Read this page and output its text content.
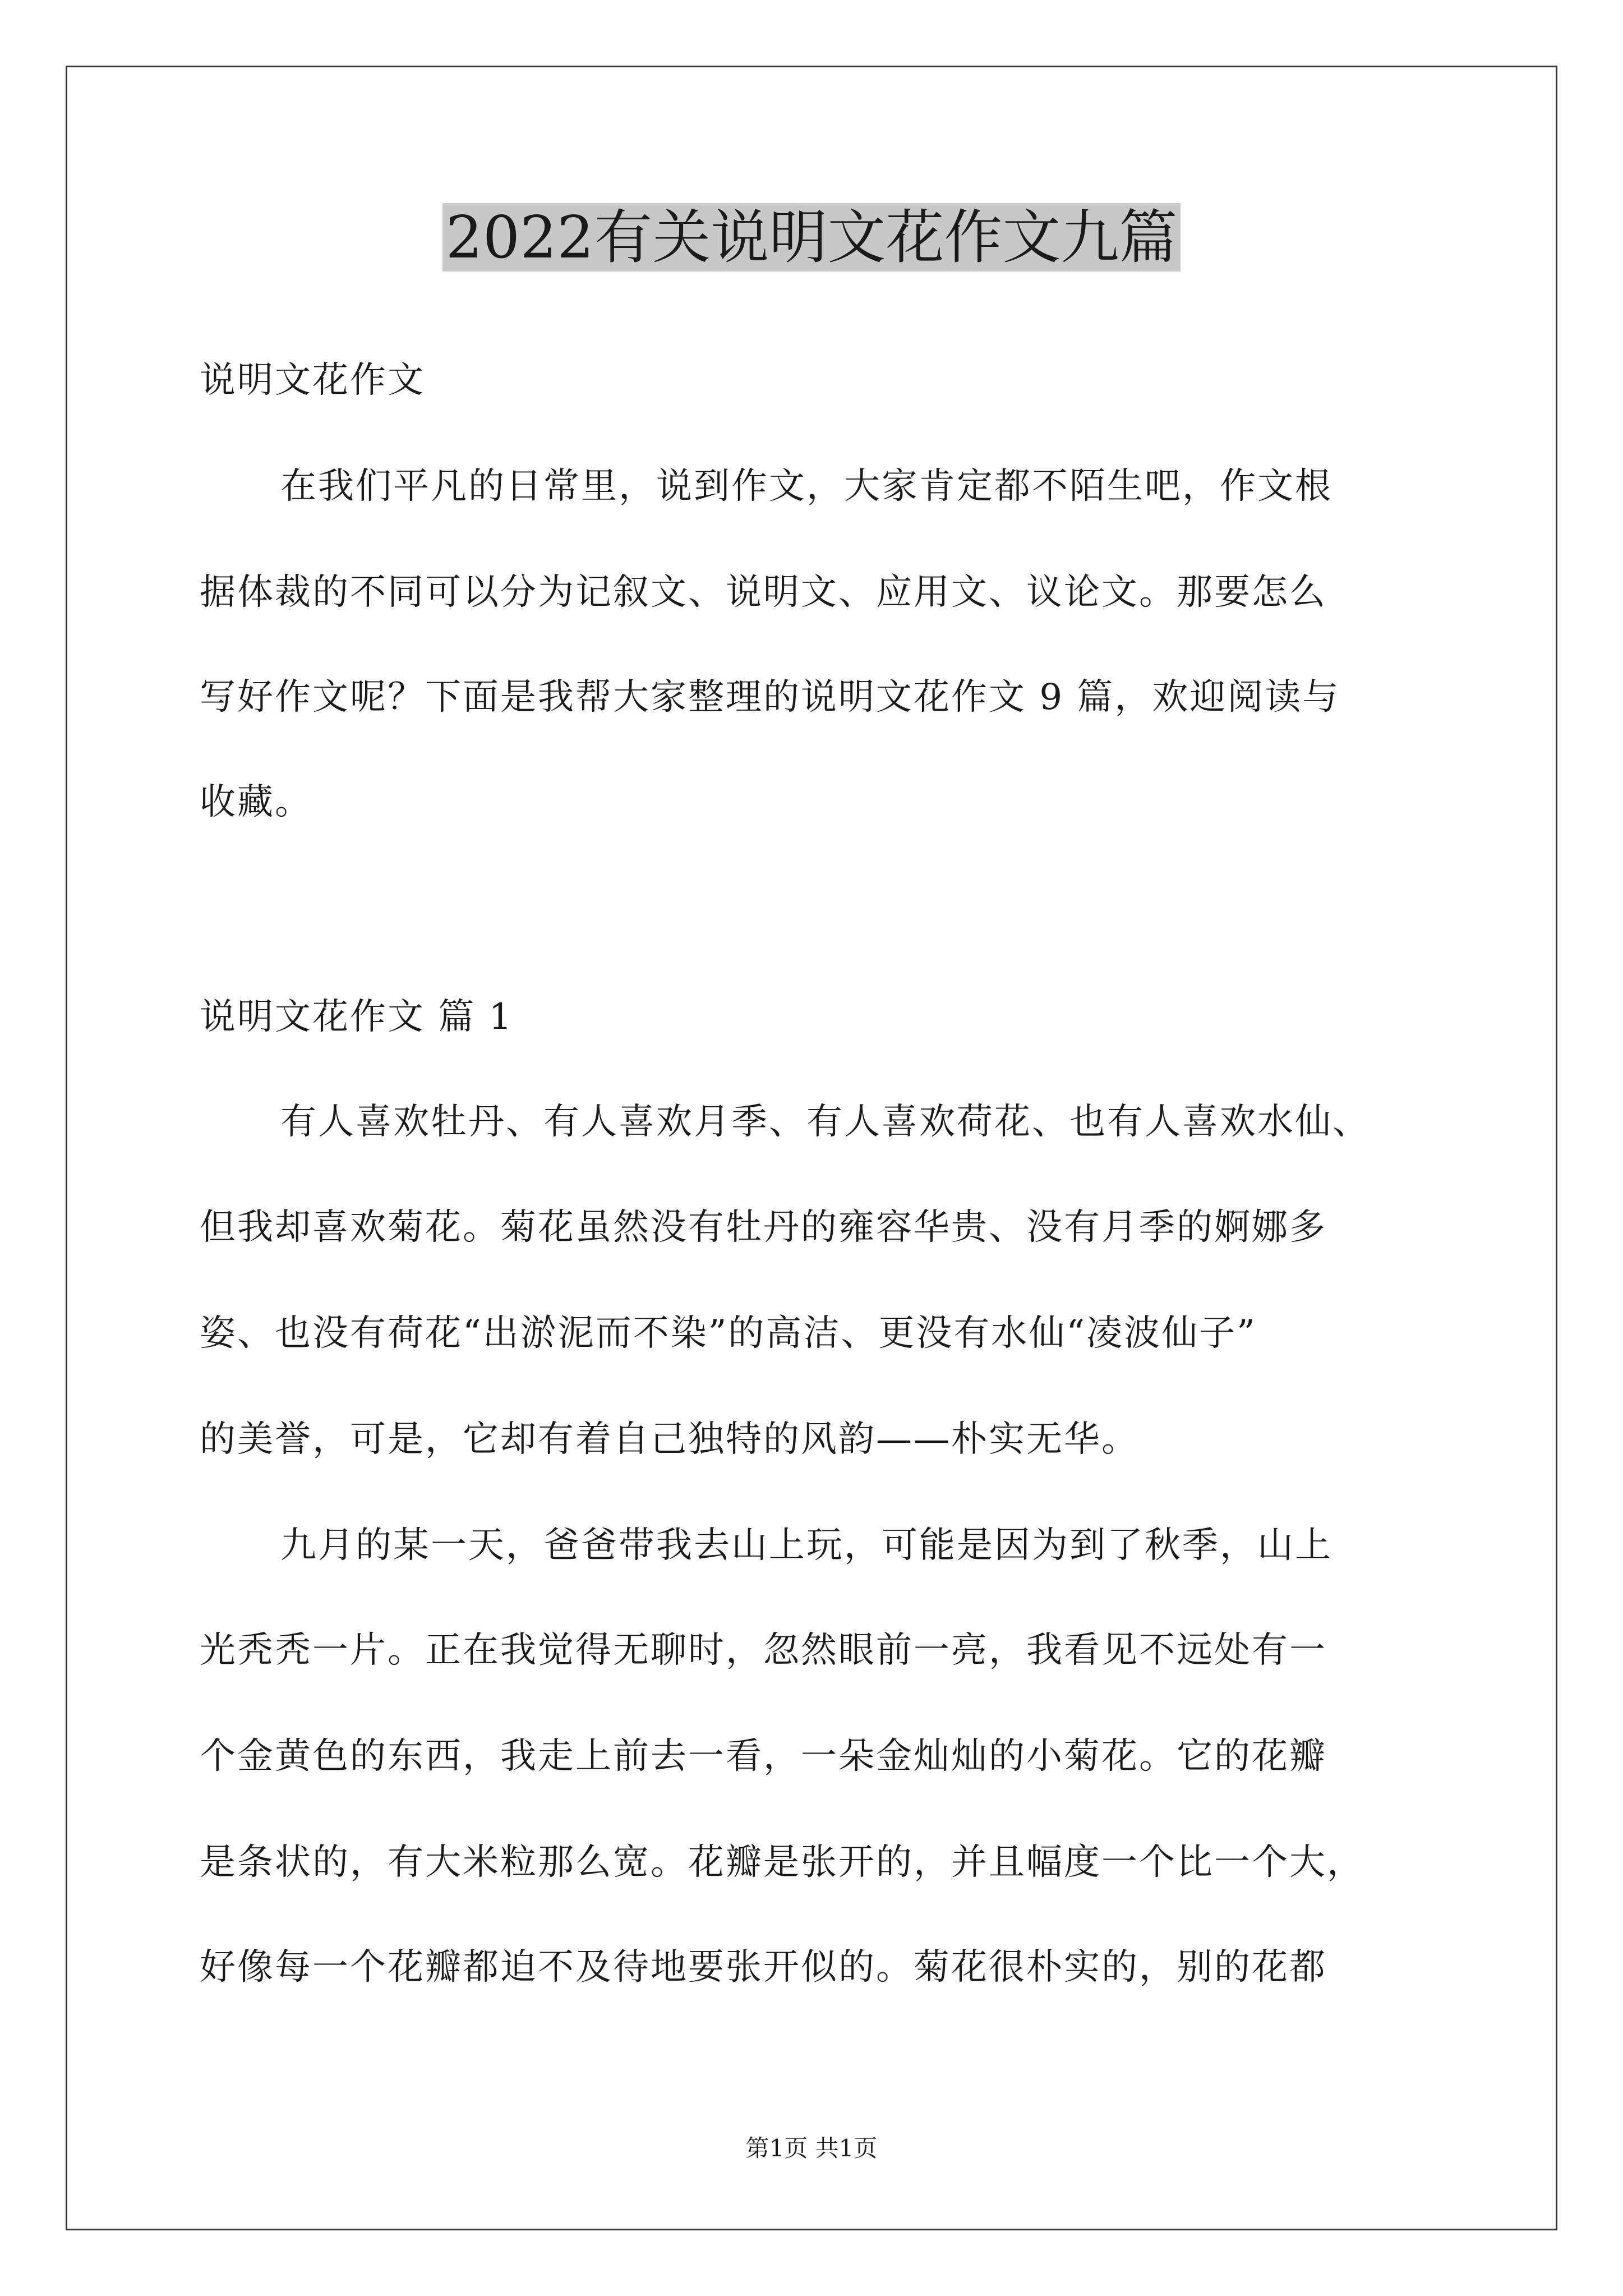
2022有关说明文花作文九篇
说明文花作文
在我们平凡的日常里，说到作文，大家肯定都不陌生吧，作文根
据体裁的不同可以分为记叙文、说明文、应用文、议论文。那要怎么
写好作文呢？下面是我帮大家整理的说明文花作文 9 篇，欢迎阅读与
收藏。
说明文花作文 篇 1
有人喜欢牡丹、有人喜欢月季、有人喜欢荷花、也有人喜欢水仙、
但我却喜欢菊花。菊花虽然没有牡丹的雍容华贵、没有月季的婀娜多
姿、也没有荷花“出淤泥而不染”的高洁、更没有水仙“凌波仙子”
的美誉，可是，它却有着自己独特的风韵——朴实无华。
九月的某一天，爸爸带我去山上玩，可能是因为到了秋季，山上
光秃秃一片。正在我觉得无聊时，忽然眼前一亮，我看见不远处有一
个金黄色的东西，我走上前去一看，一朵金灿灿的小菊花。它的花瓣
是条状的，有大米粒那么宽。花瓣是张开的，并且幅度一个比一个大，
好像每一个花瓣都迫不及待地要张开似的。菊花很朴实的，别的花都
第1页 共1页
